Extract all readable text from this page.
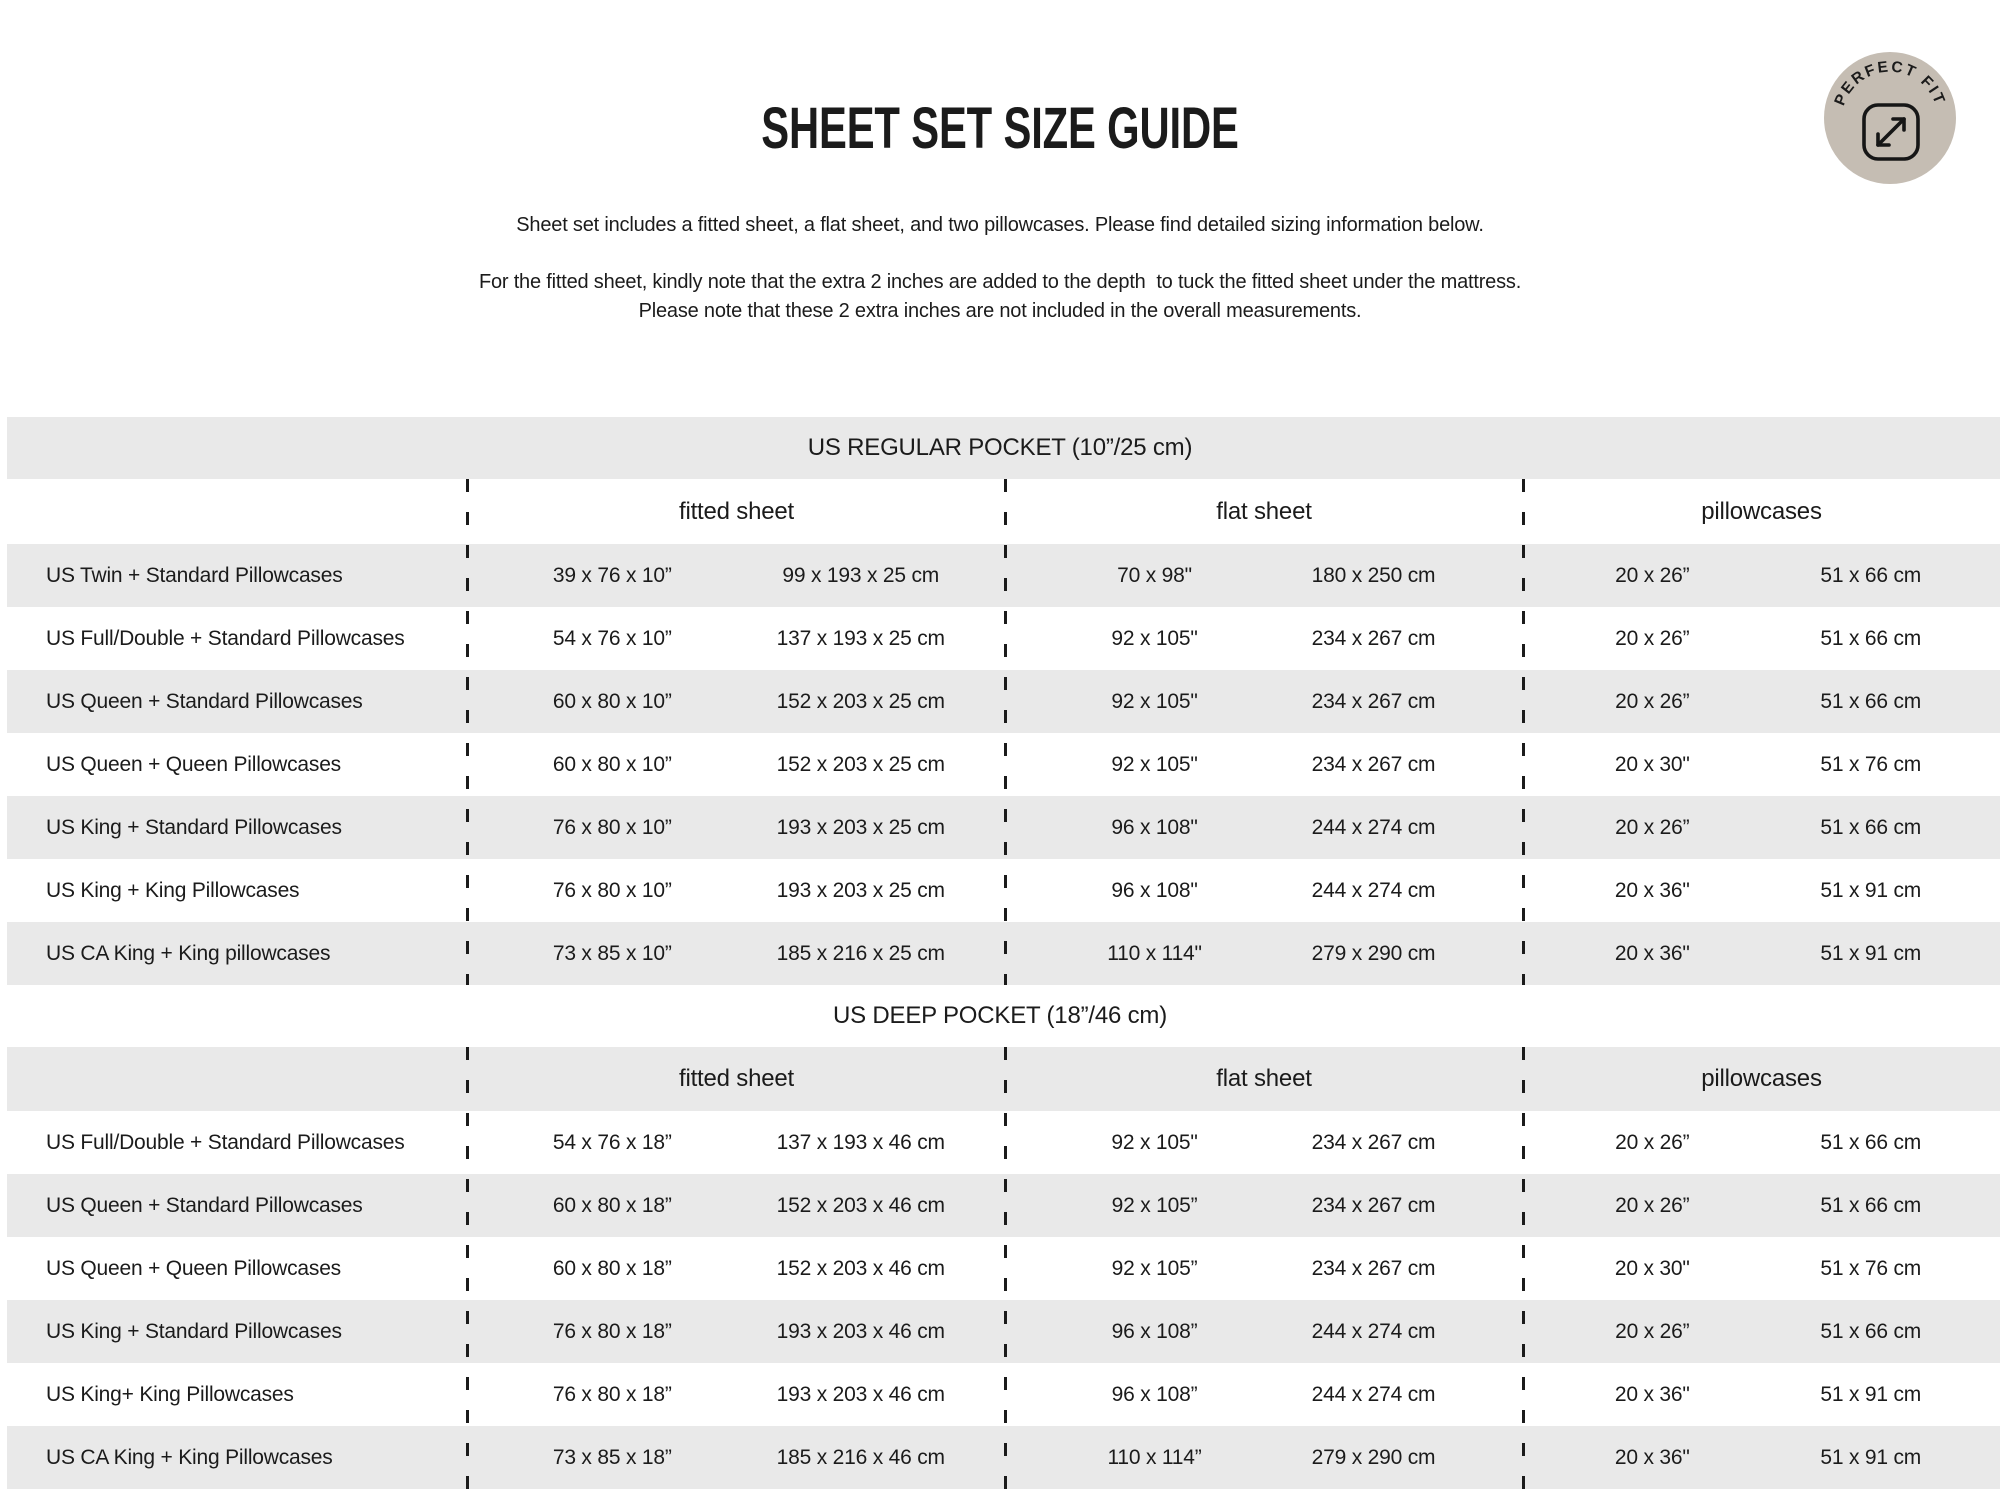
SHEET SET SIZE GUIDE

Sheet set includes a fitted sheet, a flat sheet, and two pillowcases. Please find detailed sizing information below.

For the fitted sheet, kindly note that the extra 2 inches are added to the depth  to tuck the fitted sheet under the mattress.
Please note that these 2 extra inches are not included in the overall measurements.

PERFECT FIT
US REGULAR POCKET (10”/25 cm)
fitted sheet	flat sheet	pillowcases
US Twin + Standard Pillowcases	39 x 76 x 10”	99 x 193 x 25 cm	70 x 98"	180 x 250 cm	20 x 26”	51 x 66 cm
US Full/Double + Standard Pillowcases	54 x 76 x 10”	137 x 193 x 25 cm	92 x 105"	234 x 267 cm	20 x 26”	51 x 66 cm
US Queen + Standard Pillowcases	60 x 80 x 10”	152 x 203 x 25 cm	92 x 105"	234 x 267 cm	20 x 26”	51 x 66 cm
US Queen + Queen Pillowcases	60 x 80 x 10”	152 x 203 x 25 cm	92 x 105"	234 x 267 cm	20 x 30"	51 x 76 cm
US King + Standard Pillowcases	76 x 80 x 10”	193 x 203 x 25 cm	96 x 108"	244 x 274 cm	20 x 26”	51 x 66 cm
US King + King Pillowcases	76 x 80 x 10”	193 x 203 x 25 cm	96 x 108"	244 x 274 cm	20 x 36"	51 x 91 cm
US CA King + King pillowcases	73 x 85 x 10”	185 x 216 x 25 cm	110 x 114"	279 x 290 cm	20 x 36"	51 x 91 cm
US DEEP POCKET (18”/46 cm)
fitted sheet	flat sheet	pillowcases
US Full/Double + Standard Pillowcases	54 x 76 x 18”	137 x 193 x 46 cm	92 x 105"	234 x 267 cm	20 x 26”	51 x 66 cm
US Queen + Standard Pillowcases	60 x 80 x 18”	152 x 203 x 46 cm	92 x 105”	234 x 267 cm	20 x 26”	51 x 66 cm
US Queen + Queen Pillowcases	60 x 80 x 18”	152 x 203 x 46 cm	92 x 105”	234 x 267 cm	20 x 30"	51 x 76 cm
US King + Standard Pillowcases	76 x 80 x 18”	193 x 203 x 46 cm	96 x 108”	244 x 274 cm	20 x 26”	51 x 66 cm
US King+ King Pillowcases	76 x 80 x 18”	193 x 203 x 46 cm	96 x 108”	244 x 274 cm	20 x 36"	51 x 91 cm
US CA King + King Pillowcases	73 x 85 x 18”	185 x 216 x 46 cm	110 x 114”	279 x 290 cm	20 x 36"	51 x 91 cm
